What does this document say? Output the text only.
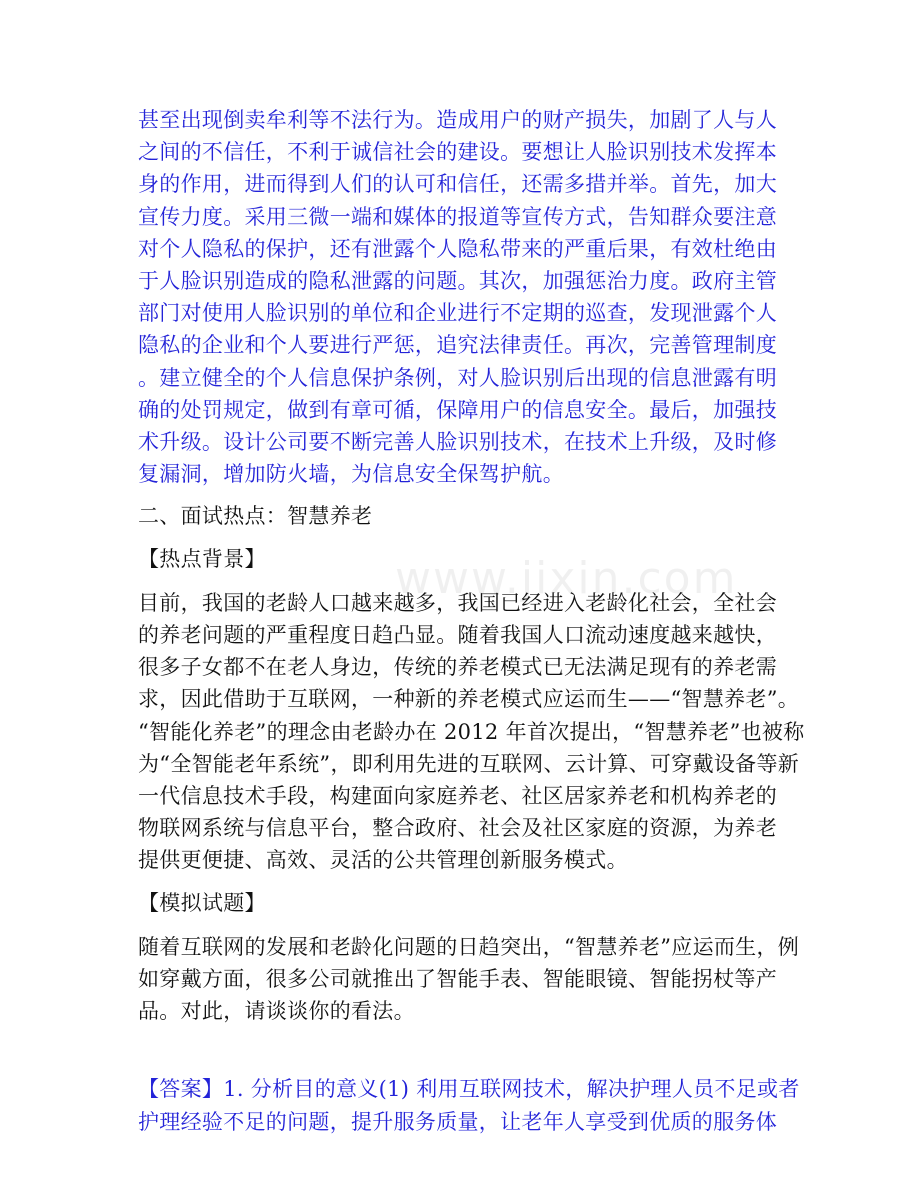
www.jixin.com

甚至出现倒卖牟利等不法行为。造成用户的财产损失，加剧了人与人
之间的不信任，不利于诚信社会的建设。要想让人脸识别技术发挥本
身的作用，进而得到人们的认可和信任，还需多措并举。首先，加大
宣传力度。采用三微一端和媒体的报道等宣传方式，告知群众要注意
对个人隐私的保护，还有泄露个人隐私带来的严重后果，有效杜绝由
于人脸识别造成的隐私泄露的问题。其次，加强惩治力度。政府主管
部门对使用人脸识别的单位和企业进行不定期的巡查，发现泄露个人
隐私的企业和个人要进行严惩，追究法律责任。再次，完善管理制度
。建立健全的个人信息保护条例，对人脸识别后出现的信息泄露有明
确的处罚规定，做到有章可循，保障用户的信息安全。最后，加强技
术升级。设计公司要不断完善人脸识别技术，在技术上升级，及时修
复漏洞，增加防火墙，为信息安全保驾护航。

二、面试热点：智慧养老

【热点背景】

目前，我国的老龄人口越来越多，我国已经进入老龄化社会，全社会
的养老问题的严重程度日趋凸显。随着我国人口流动速度越来越快，
很多子女都不在老人身边，传统的养老模式已无法满足现有的养老需
求，因此借助于互联网，一种新的养老模式应运而生——“智慧养老”。
“智能化养老”的理念由老龄办在 2012 年首次提出，“智慧养老”也被称
为“全智能老年系统”，即利用先进的互联网、云计算、可穿戴设备等新
一代信息技术手段，构建面向家庭养老、社区居家养老和机构养老的
物联网系统与信息平台，整合政府、社会及社区家庭的资源，为养老
提供更便捷、高效、灵活的公共管理创新服务模式。

【模拟试题】

随着互联网的发展和老龄化问题的日趋突出，“智慧养老”应运而生，例
如穿戴方面，很多公司就推出了智能手表、智能眼镜、智能拐杖等产
品。对此，请谈谈你的看法。

【答案】1. 分析目的意义(1) 利用互联网技术，解决护理人员不足或者
护理经验不足的问题，提升服务质量，让老年人享受到优质的服务体
